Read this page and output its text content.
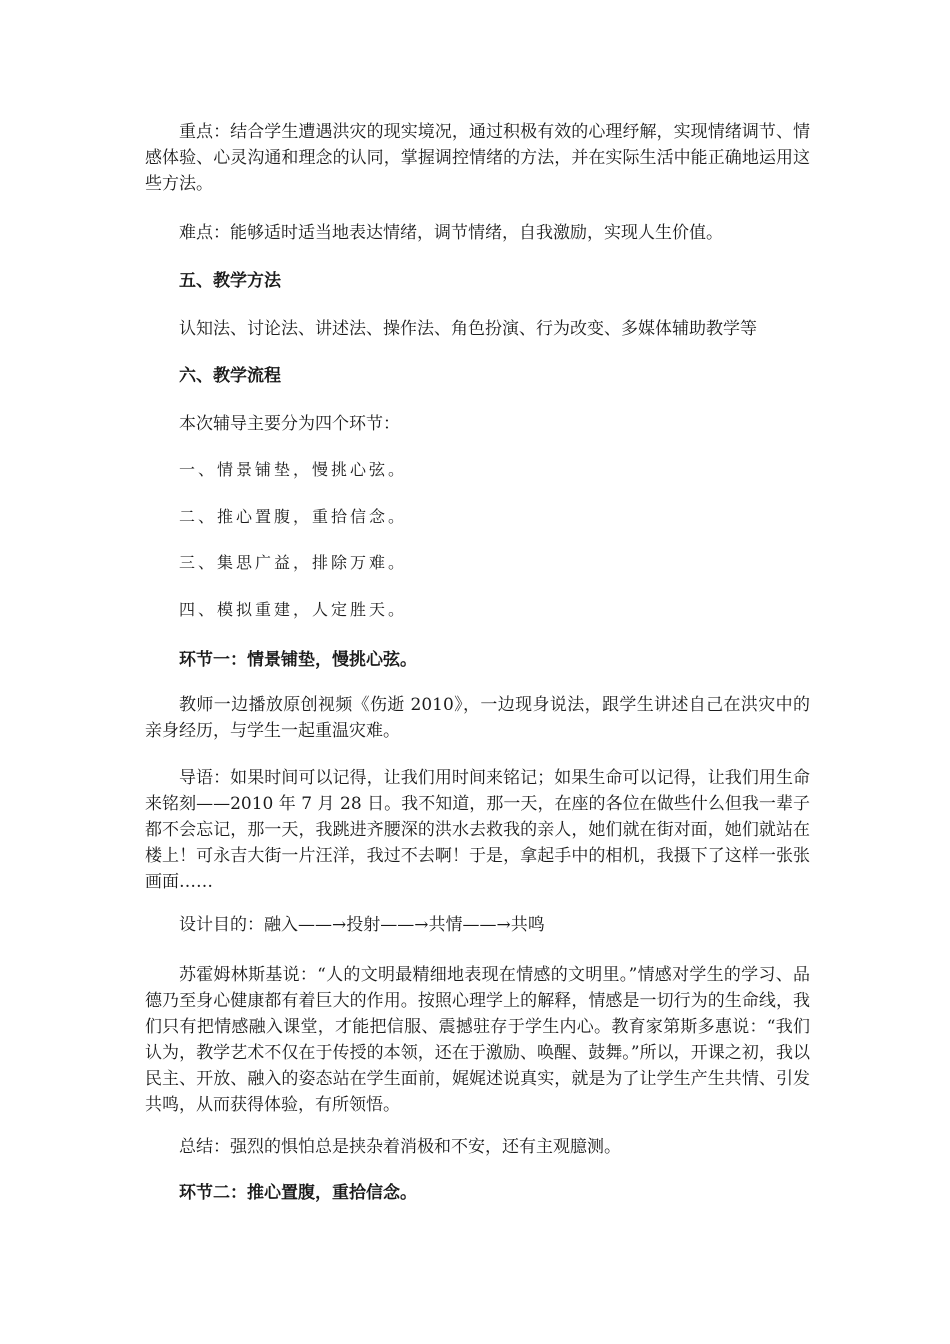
重点：结合学生遭遇洪灾的现实境况，通过积极有效的心理纾解，实现情绪调节、情感体验、心灵沟通和理念的认同，掌握调控情绪的方法，并在实际生活中能正确地运用这些方法。

难点：能够适时适当地表达情绪，调节情绪，自我激励，实现人生价值。

五、教学方法

认知法、讨论法、讲述法、操作法、角色扮演、行为改变、多媒体辅助教学等

六、教学流程

本次辅导主要分为四个环节：

一、情景铺垫，慢挑心弦。

二、推心置腹，重拾信念。

三、集思广益，排除万难。

四、模拟重建，人定胜天。

环节一：情景铺垫，慢挑心弦。

教师一边播放原创视频《伤逝 2010》，一边现身说法，跟学生讲述自己在洪灾中的亲身经历，与学生一起重温灾难。

导语：如果时间可以记得，让我们用时间来铭记；如果生命可以记得，让我们用生命来铭刻——2010 年 7 月 28 日。我不知道，那一天，在座的各位在做些什么但我一辈子都不会忘记，那一天，我跳进齐腰深的洪水去救我的亲人，她们就在街对面，她们就站在楼上！可永吉大街一片汪洋，我过不去啊！于是，拿起手中的相机，我摄下了这样一张张画面……

设计目的：融入——→投射——→共情——→共鸣

苏霍姆林斯基说：“人的文明最精细地表现在情感的文明里。”情感对学生的学习、品德乃至身心健康都有着巨大的作用。按照心理学上的解释，情感是一切行为的生命线，我们只有把情感融入课堂，才能把信服、震撼驻存于学生内心。教育家第斯多惠说：“我们认为，教学艺术不仅在于传授的本领，还在于激励、唤醒、鼓舞。”所以，开课之初，我以民主、开放、融入的姿态站在学生面前，娓娓述说真实，就是为了让学生产生共情、引发共鸣，从而获得体验，有所领悟。

总结：强烈的惧怕总是挟杂着消极和不安，还有主观臆测。

环节二：推心置腹，重拾信念。
